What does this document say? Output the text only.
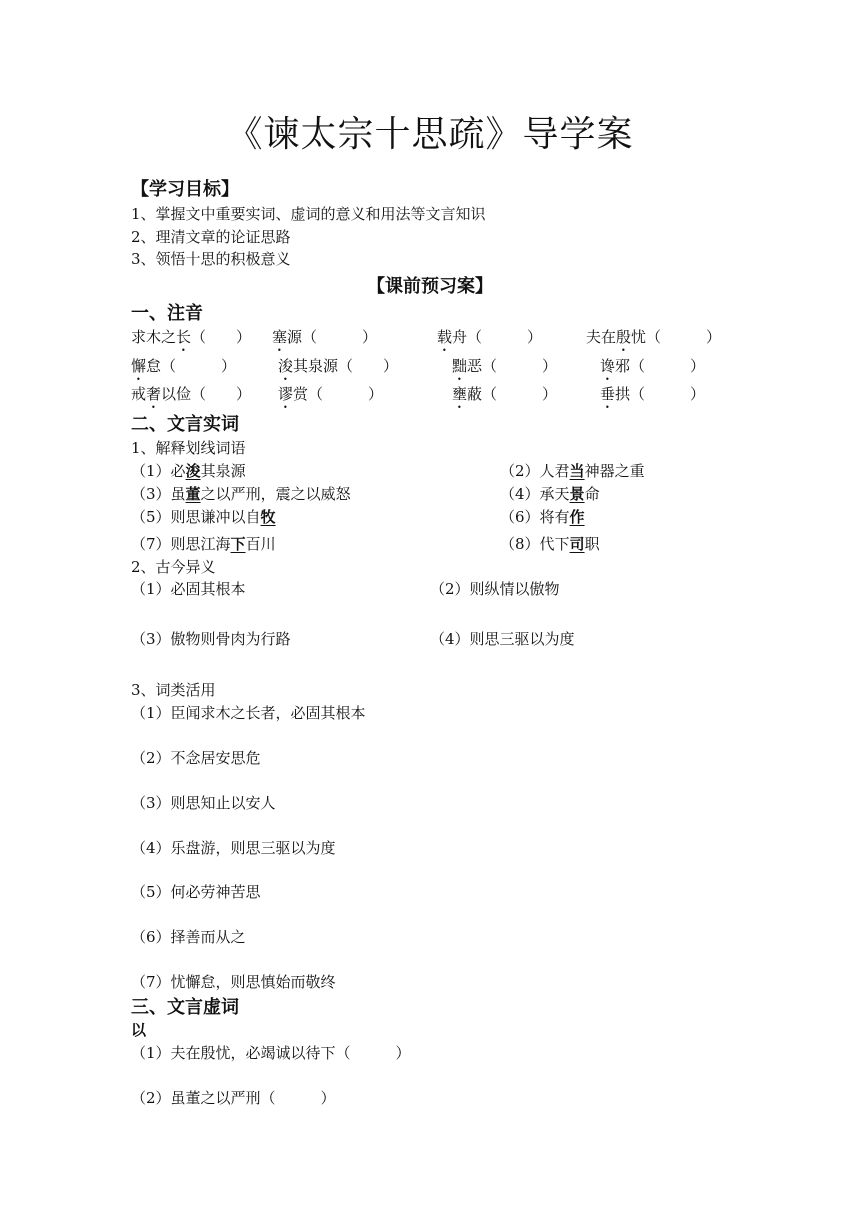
《谏太宗十思疏》导学案
【学习目标】
1、掌握文中重要实词、虚词的意义和用法等文言知识
2、理清文章的论证思路
3、领悟十思的积极意义
【课前预习案】
一、注音
求木之长（　　） 塞源（　　　）	载舟（　　　）	夫在殷忧（　　　）
懈怠（　　　）	浚其泉源（　　）	黜恶（　　　）	谗邪（　　　）
戒奢以俭（　　） 谬赏（　　　）	壅蔽（　　　）	垂拱（　　　）
二、文言实词
1、解释划线词语
（1）必浚其泉源	（2）人君当神器之重
（3）虽董之以严刑，震之以威怒	（4）承天景命
（5）则思谦冲以自牧	（6）将有作
（7）则思江海下百川	（8）代下司职
2、古今异义
（1）必固其根本	（2）则纵情以傲物
（3）傲物则骨肉为行路	（4）则思三驱以为度
3、词类活用
（1）臣闻求木之长者，必固其根本
（2）不念居安思危
（3）则思知止以安人
（4）乐盘游，则思三驱以为度
（5）何必劳神苦思
（6）择善而从之
（7）忧懈怠，则思慎始而敬终
三、文言虚词
以
（1）夫在殷忧，必竭诚以待下（　　　）
（2）虽董之以严刑（　　　）
